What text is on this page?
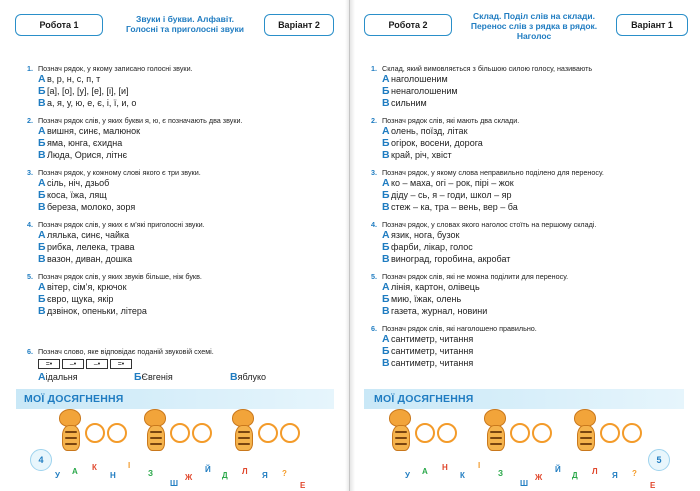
Робота 1
Звуки і букви. Алфавіт.
Голосні та приголосні звуки	Варіант 2
1. Познач рядок, у якому записано голосні звуки.
А в, р, н, с, п, т
Б [а], [о], [у], [е], [і], [и]
В а, я, у, ю, е, є, і, ї, и, о
2. Познач рядок слів, у яких букви я, ю, є позначають два звуки.
А вишня, синє, малюнок
Б яма, юнга, єхидна
В Люда, Орися, літнє
3. Познач рядок, у кожному слові якого є три звуки.
А сіль, ніч, дзьоб
Б коса, їжа, лящ
В береза, молоко, зоря
4. Познач рядок слів, у яких є м’які приголосні звуки.
А лялька, синє, чайка
Б рибка, лелека, трава
В вазон, диван, дошка
5. Познач рядок слів, у яких звуків більше, ніж букв.
А вітер, сім’я, крючок
Б євро, щука, якір
В дзвінок, опеньки, літера
6. Познач слово, яке відповідає поданій звуковій схемі.
=•	–•	–•	=•
Аідальня	БЄвгенія	Вяблуко
МОЇ ДОСЯГНЕННЯ
4
У А К
Н
І
З
Ш
Ж
Й
Д Л Я ?
Е
Робота 2
Склад. Поділ слів на склади.
Перенос слів з рядка в рядок.
Наголос
Варіант 1
1. Склад, який вимовляється з більшою силою голосу, називають
А наголошеним
Б ненаголошеним
В сильним
2. Познач рядок слів, які мають два склади.
А олень, поїзд, літак
Б огірок, восени, дорога
В край, річ, хвіст
3. Познач рядок, у якому слова неправильно поділено для переносу.
А ко – маха, огі – рок, пірі – жок
Б діду – сь, я – годи, школ – яр
В стеж – ка, тра – вень, вер – ба
4. Познач рядок, у словах якого наголос стоїть на першому складі.
А язик, нога, бузок
Б фарби, лікар, голос
В виноград, горобина, акробат
5. Познач рядок слів, які не можна поділити для переносу.
А лінія, картон, олівець
Б мию, їжак, олень
В газета, журнал, новини
6. Познач рядок слів, які наголошено правильно.
А сантиметр, читання
Б сантиметр, читання
В сантиметр, читання
МОЇ ДОСЯГНЕННЯ
5
У А Н
К
І
З
Ш
Ж
Й
Д Л Я ?
Е
